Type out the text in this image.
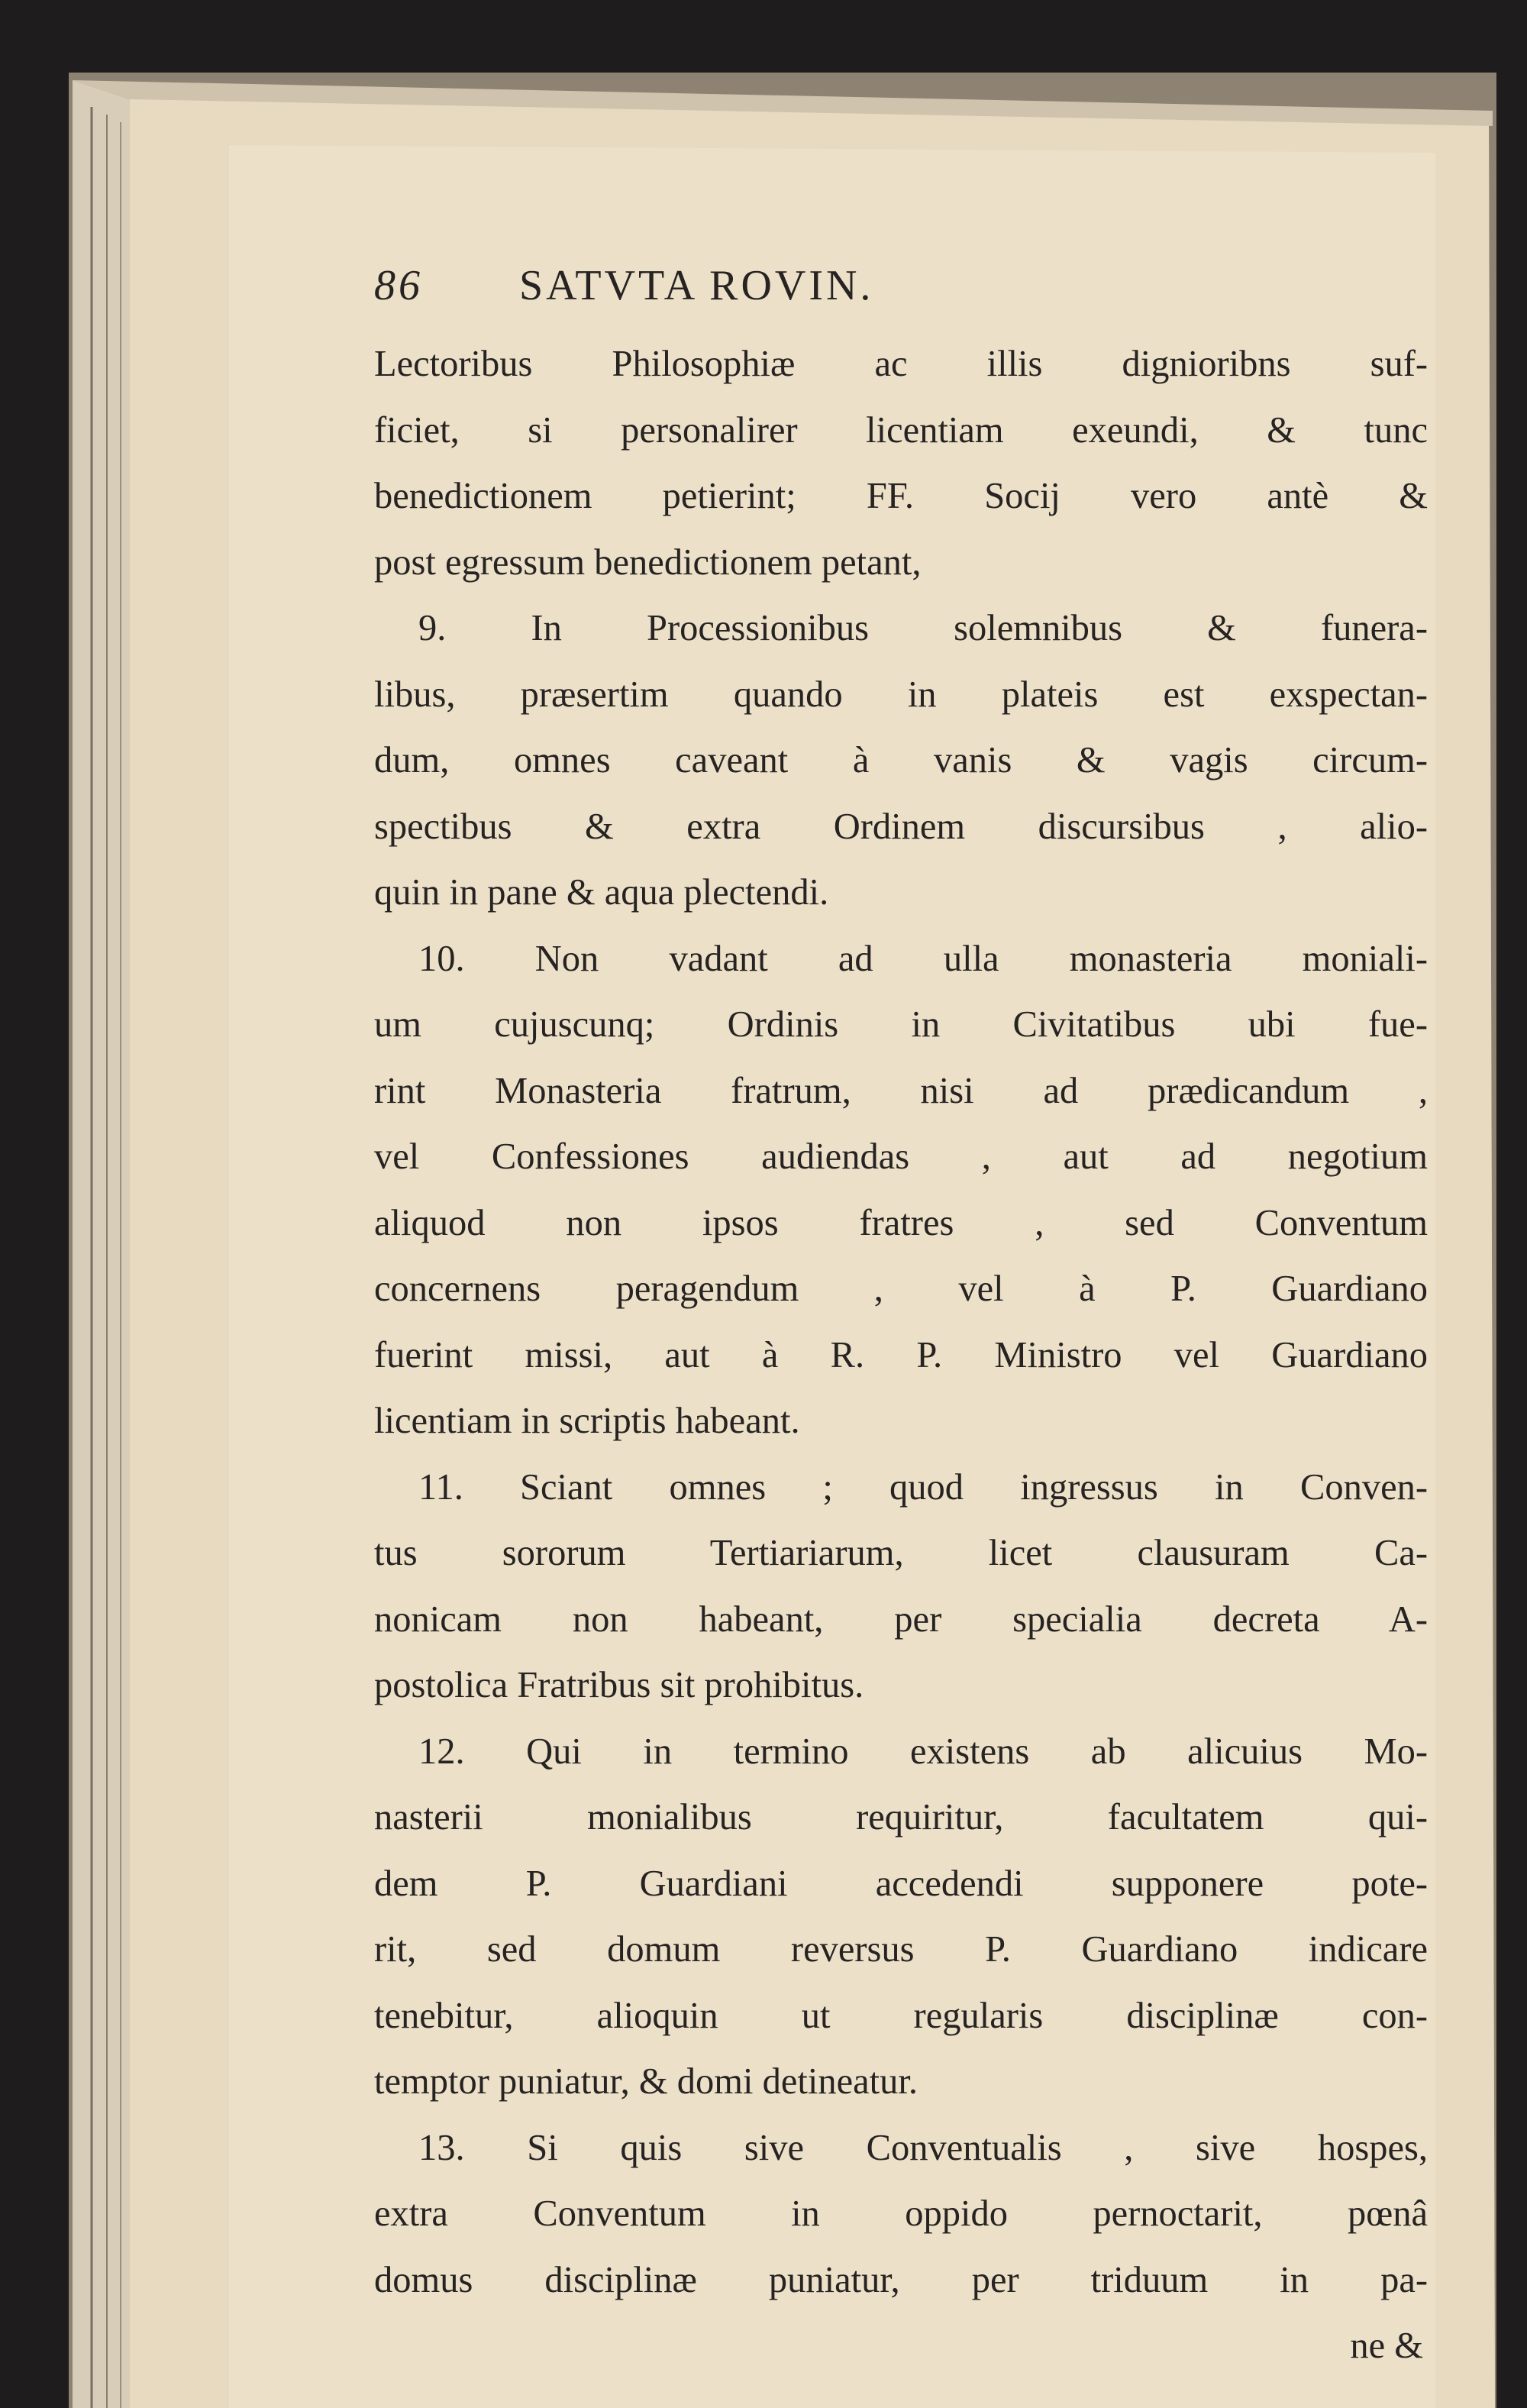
86 SATVTA ROVIN.
Lectoribus Philosophiæ ac illis dignioribns suf-
ficiet, si personalirer licentiam exeundi, & tunc
benedictionem petierint; FF. Socij vero antè &
post egressum benedictionem petant,
9. In Processionibus solemnibus & funera-
libus, præsertim quando in plateis est exspectan-
dum, omnes caveant à vanis & vagis circum-
spectibus & extra Ordinem discursibus , alio-
quin in pane & aqua plectendi.
10. Non vadant ad ulla monasteria moniali-
um cujuscunq; Ordinis in Civitatibus ubi fue-
rint Monasteria fratrum, nisi ad prædicandum ,
vel Confessiones audiendas , aut ad negotium
aliquod non ipsos fratres , sed Conventum
concernens peragendum , vel à P. Guardiano
fuerint missi, aut à R. P. Ministro vel Guardiano
licentiam in scriptis habeant.
11. Sciant omnes ; quod ingressus in Conven-
tus sororum Tertiariarum, licet clausuram Ca-
nonicam non habeant, per specialia decreta A-
postolica Fratribus sit prohibitus.
12. Qui in termino existens ab alicuius Mo-
nasterii monialibus requiritur, facultatem qui-
dem P. Guardiani accedendi supponere pote-
rit, sed domum reversus P. Guardiano indicare
tenebitur, alioquin ut regularis disciplinæ con-
temptor puniatur, & domi detineatur.
13. Si quis sive Conventualis , sive hospes,
extra Conventum in oppido pernoctarit, pœnâ
domus disciplinæ puniatur, per triduum in pa-
ne &
